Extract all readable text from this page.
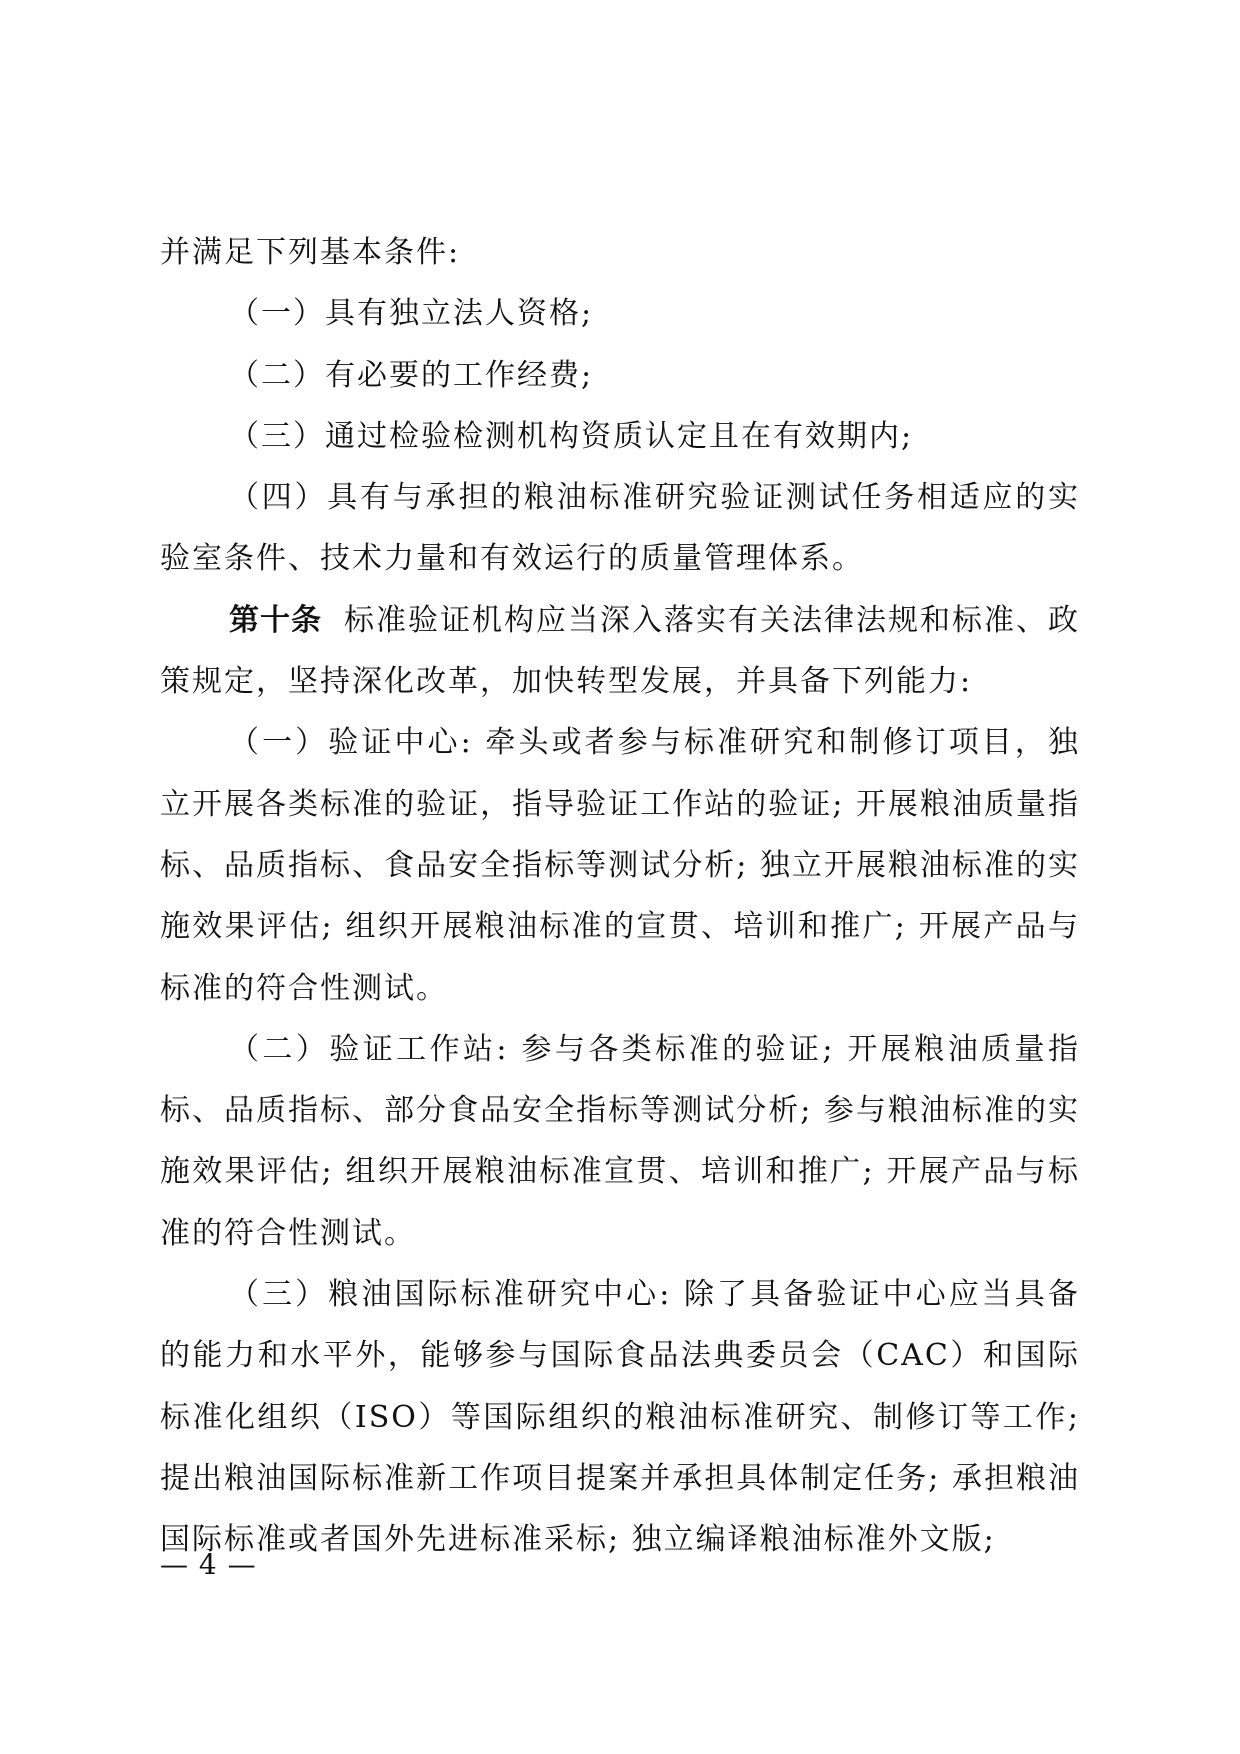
并满足下列基本条件:

（一）具有独立法人资格;

（二）有必要的工作经费;

（三）通过检验检测机构资质认定且在有效期内;

（四）具有与承担的粮油标准研究验证测试任务相适应的实验室条件、技术力量和有效运行的质量管理体系。

第十条 标准验证机构应当深入落实有关法律法规和标准、政策规定，坚持深化改革，加快转型发展，并具备下列能力:

（一）验证中心: 牵头或者参与标准研究和制修订项目，独立开展各类标准的验证，指导验证工作站的验证; 开展粮油质量指标、品质指标、食品安全指标等测试分析; 独立开展粮油标准的实施效果评估; 组织开展粮油标准的宣贯、培训和推广; 开展产品与标准的符合性测试。

（二）验证工作站: 参与各类标准的验证; 开展粮油质量指标、品质指标、部分食品安全指标等测试分析; 参与粮油标准的实施效果评估; 组织开展粮油标准宣贯、培训和推广; 开展产品与标准的符合性测试。

（三）粮油国际标准研究中心: 除了具备验证中心应当具备的能力和水平外，能够参与国际食品法典委员会（CAC）和国际标准化组织（ISO）等国际组织的粮油标准研究、制修订等工作; 提出粮油国际标准新工作项目提案并承担具体制定任务; 承担粮油国际标准或者国外先进标准采标; 独立编译粮油标准外文版;

— 4 —
